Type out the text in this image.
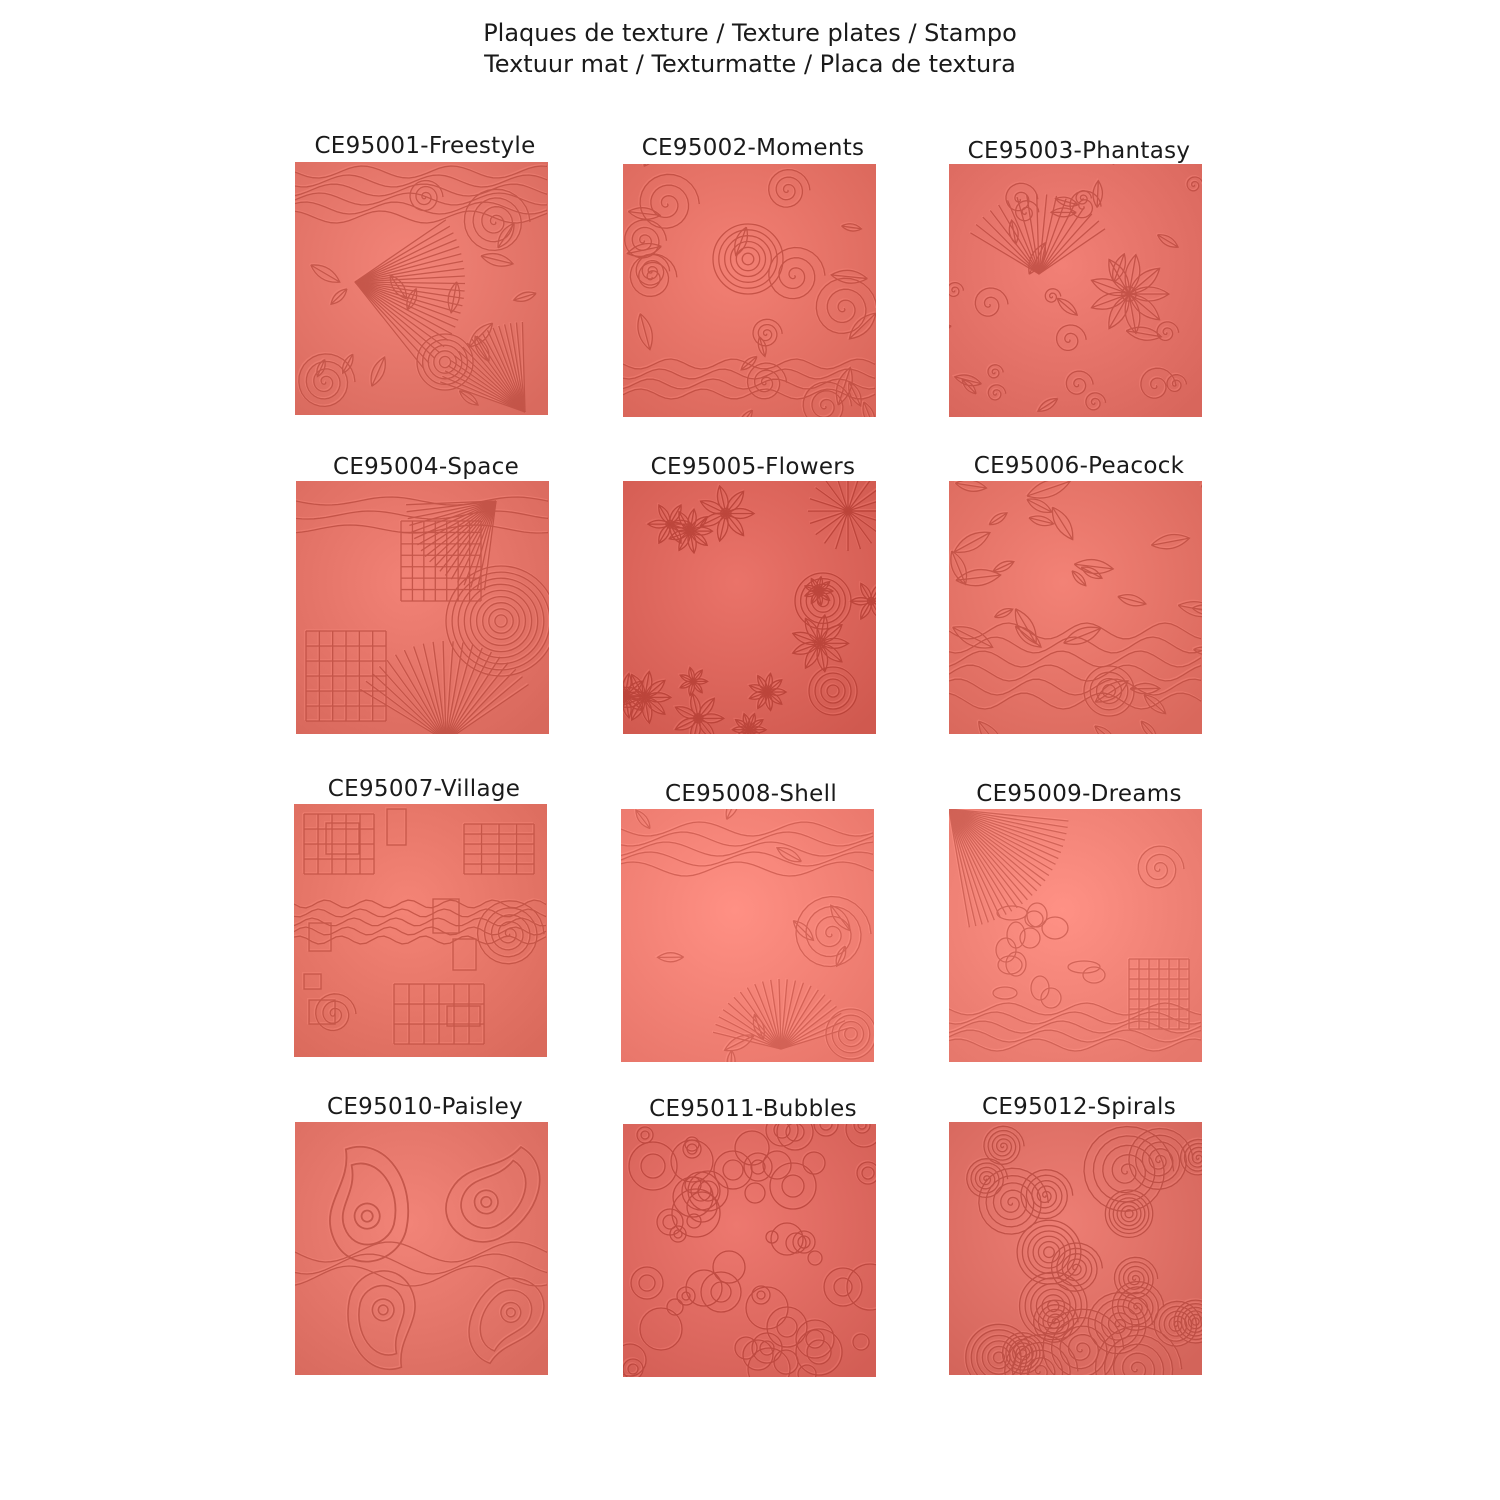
Plaques de texture / Texture plates / Stampo
Textuur mat / Texturmatte / Placa de textura
CE95001-Freestyle	CE95002-Moments	CE95003-Phantasy
CE95004-Space	CE95005-Flowers	CE95006-Peacock
CE95007-Village	CE95008-Shell	CE95009-Dreams
CE95010-Paisley	CE95011-Bubbles	CE95012-Spirals
